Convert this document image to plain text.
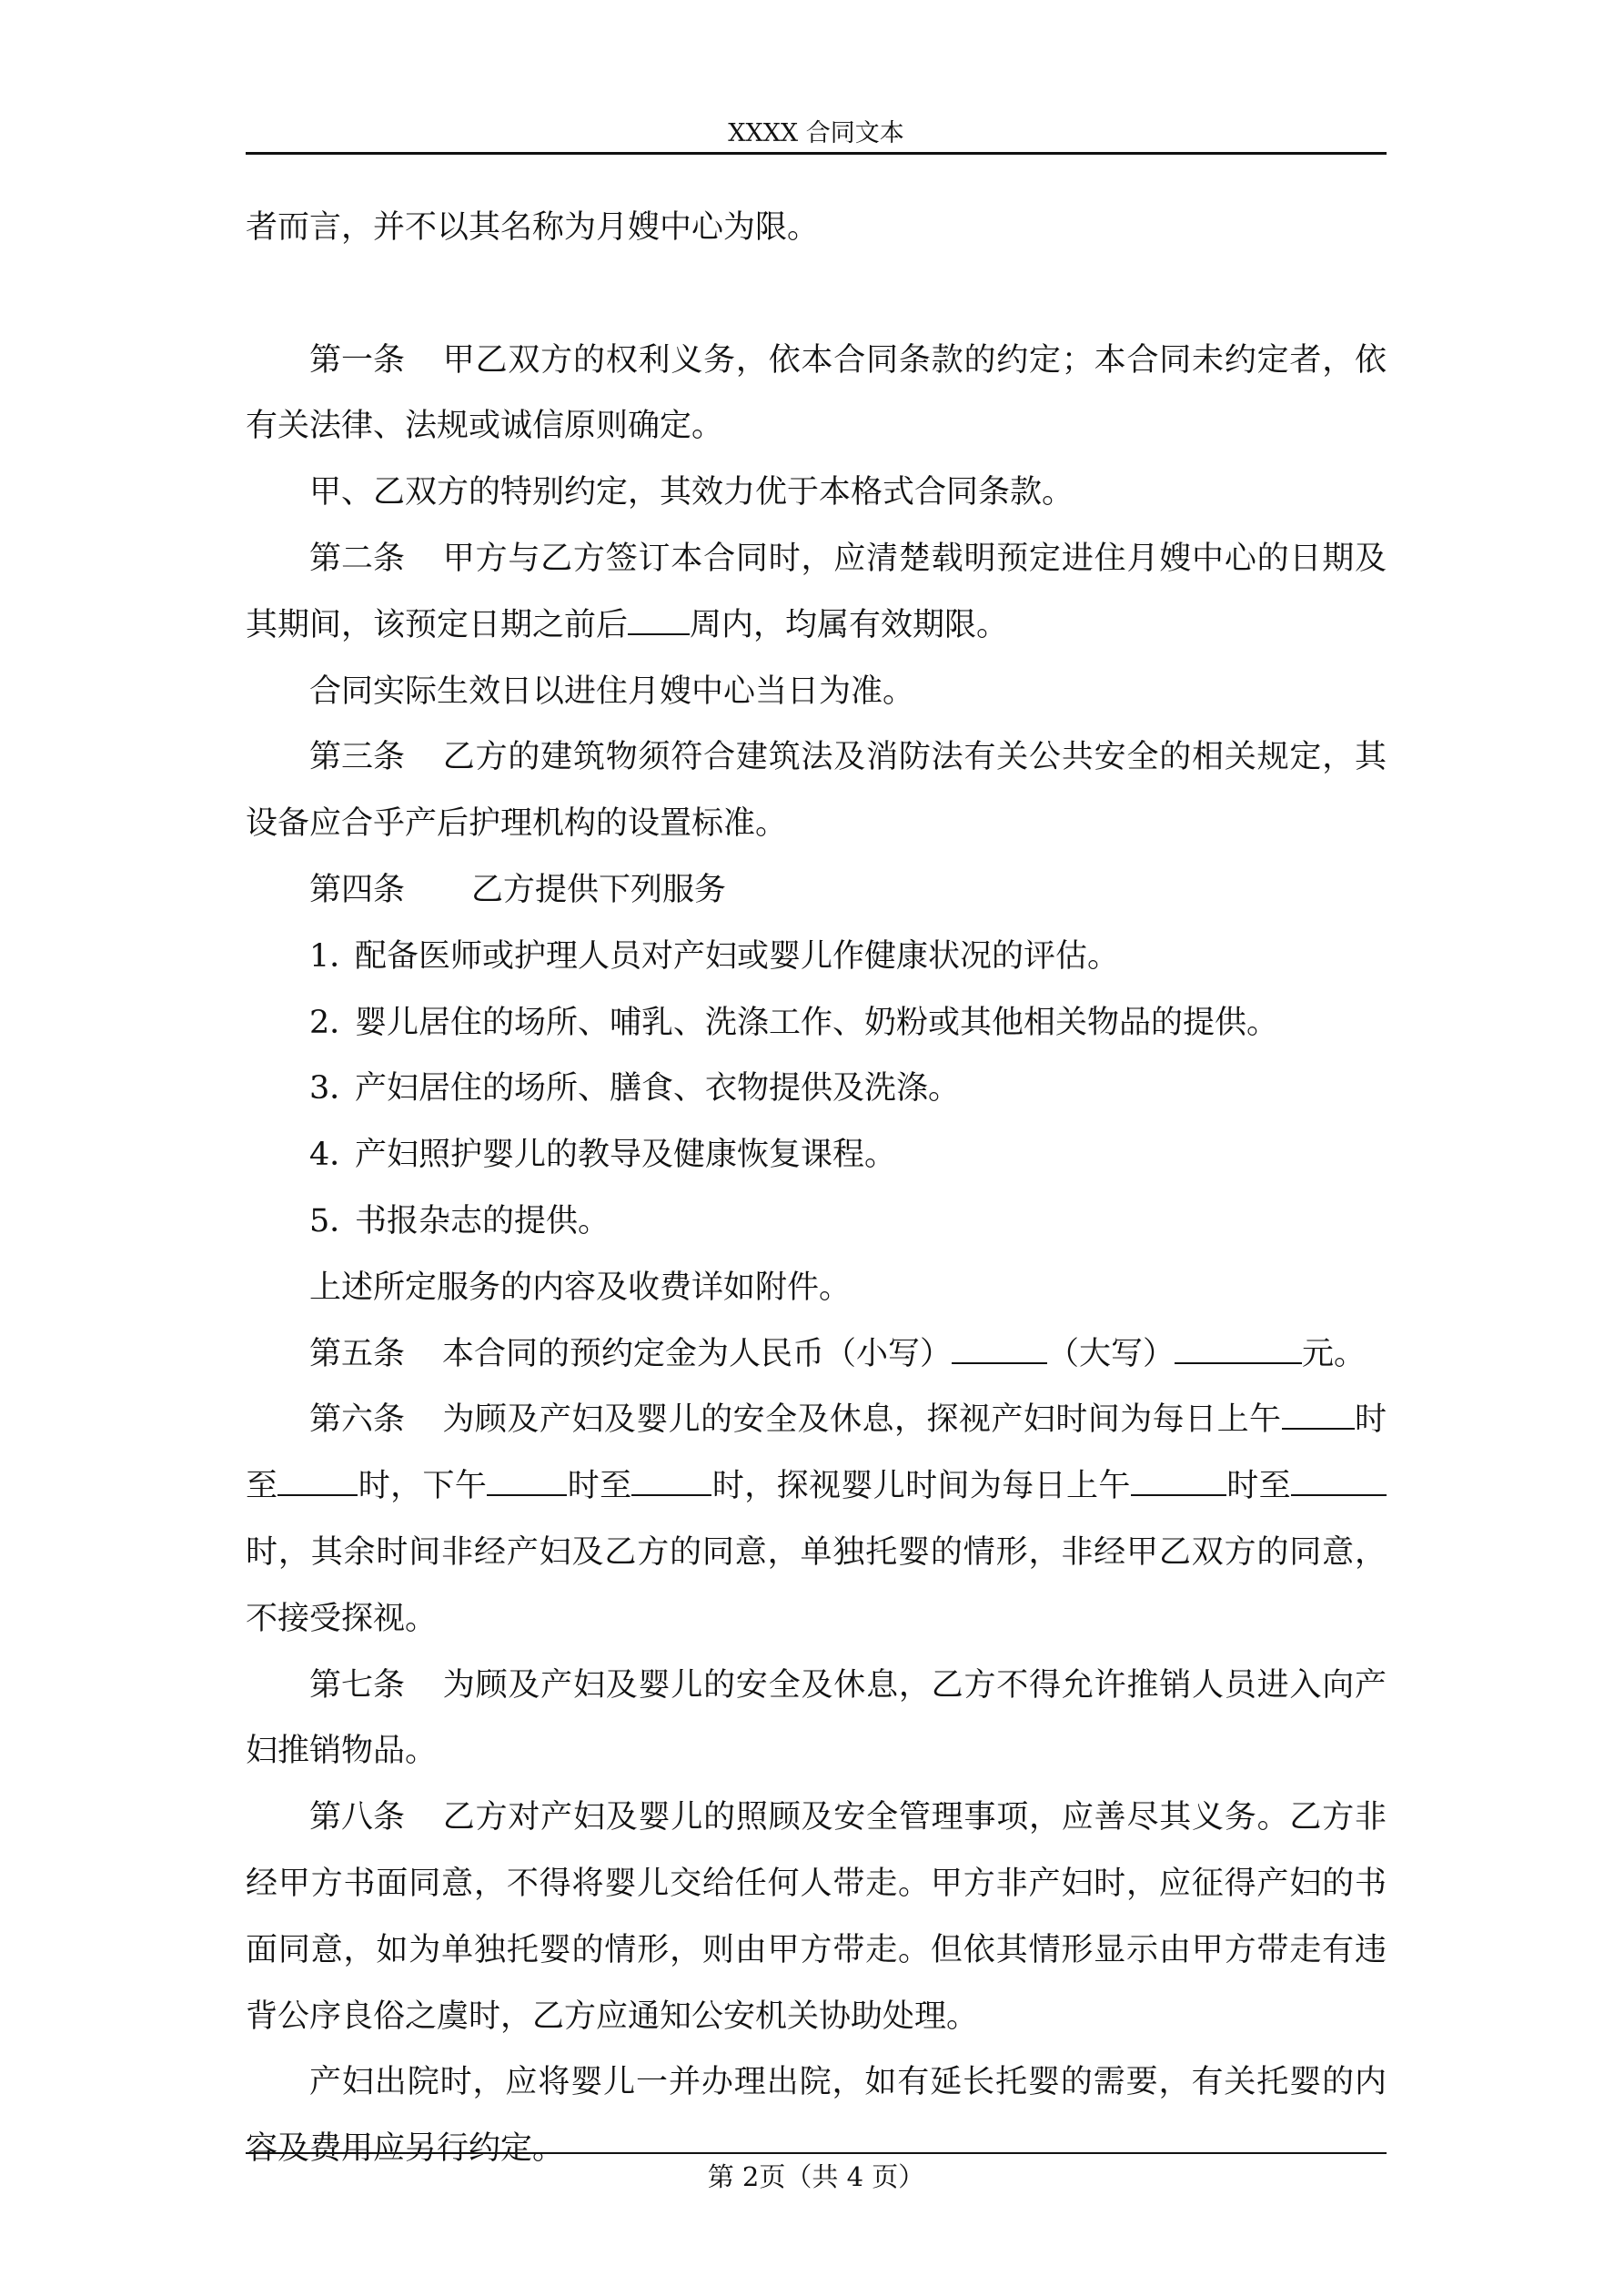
XXXX 合同文本

者而言，并不以其名称为月嫂中心为限。

第一条 甲乙双方的权利义务，依本合同条款的约定；本合同未约定者，依有关法律、法规或诚信原则确定。

甲、乙双方的特别约定，其效力优于本格式合同条款。

第二条 甲方与乙方签订本合同时，应清楚载明预定进住月嫂中心的日期及其期间，该预定日期之前后 周内，均属有效期限。

合同实际生效日以进住月嫂中心当日为准。

第三条 乙方的建筑物须符合建筑法及消防法有关公共安全的相关规定，其设备应合乎产后护理机构的设置标准。

第四条 乙方提供下列服务

1．配备医师或护理人员对产妇或婴儿作健康状况的评估。

2．婴儿居住的场所、哺乳、洗涤工作、奶粉或其他相关物品的提供。

3．产妇居住的场所、膳食、衣物提供及洗涤。

4．产妇照护婴儿的教导及健康恢复课程。

5．书报杂志的提供。

上述所定服务的内容及收费详如附件。

第五条 本合同的预约定金为人民币（小写）	（大写）	元。

第六条 为顾及产妇及婴儿的安全及休息，探视产妇时间为每日上午 时至	时，下午	时至	时，探视婴儿时间为每日上午	时至时，其余时间非经产妇及乙方的同意，单独托婴的情形，非经甲乙双方的同意，不接受探视。

第七条 为顾及产妇及婴儿的安全及休息，乙方不得允许推销人员进入向产妇推销物品。

第八条 乙方对产妇及婴儿的照顾及安全管理事项，应善尽其义务。乙方非经甲方书面同意，不得将婴儿交给任何人带走。甲方非产妇时，应征得产妇的书面同意，如为单独托婴的情形，则由甲方带走。但依其情形显示由甲方带走有违背公序良俗之虞时，乙方应通知公安机关协助处理。

产妇出院时，应将婴儿一并办理出院，如有延长托婴的需要，有关托婴的内容及费用应另行约定。

第 2页（共 4 页）
